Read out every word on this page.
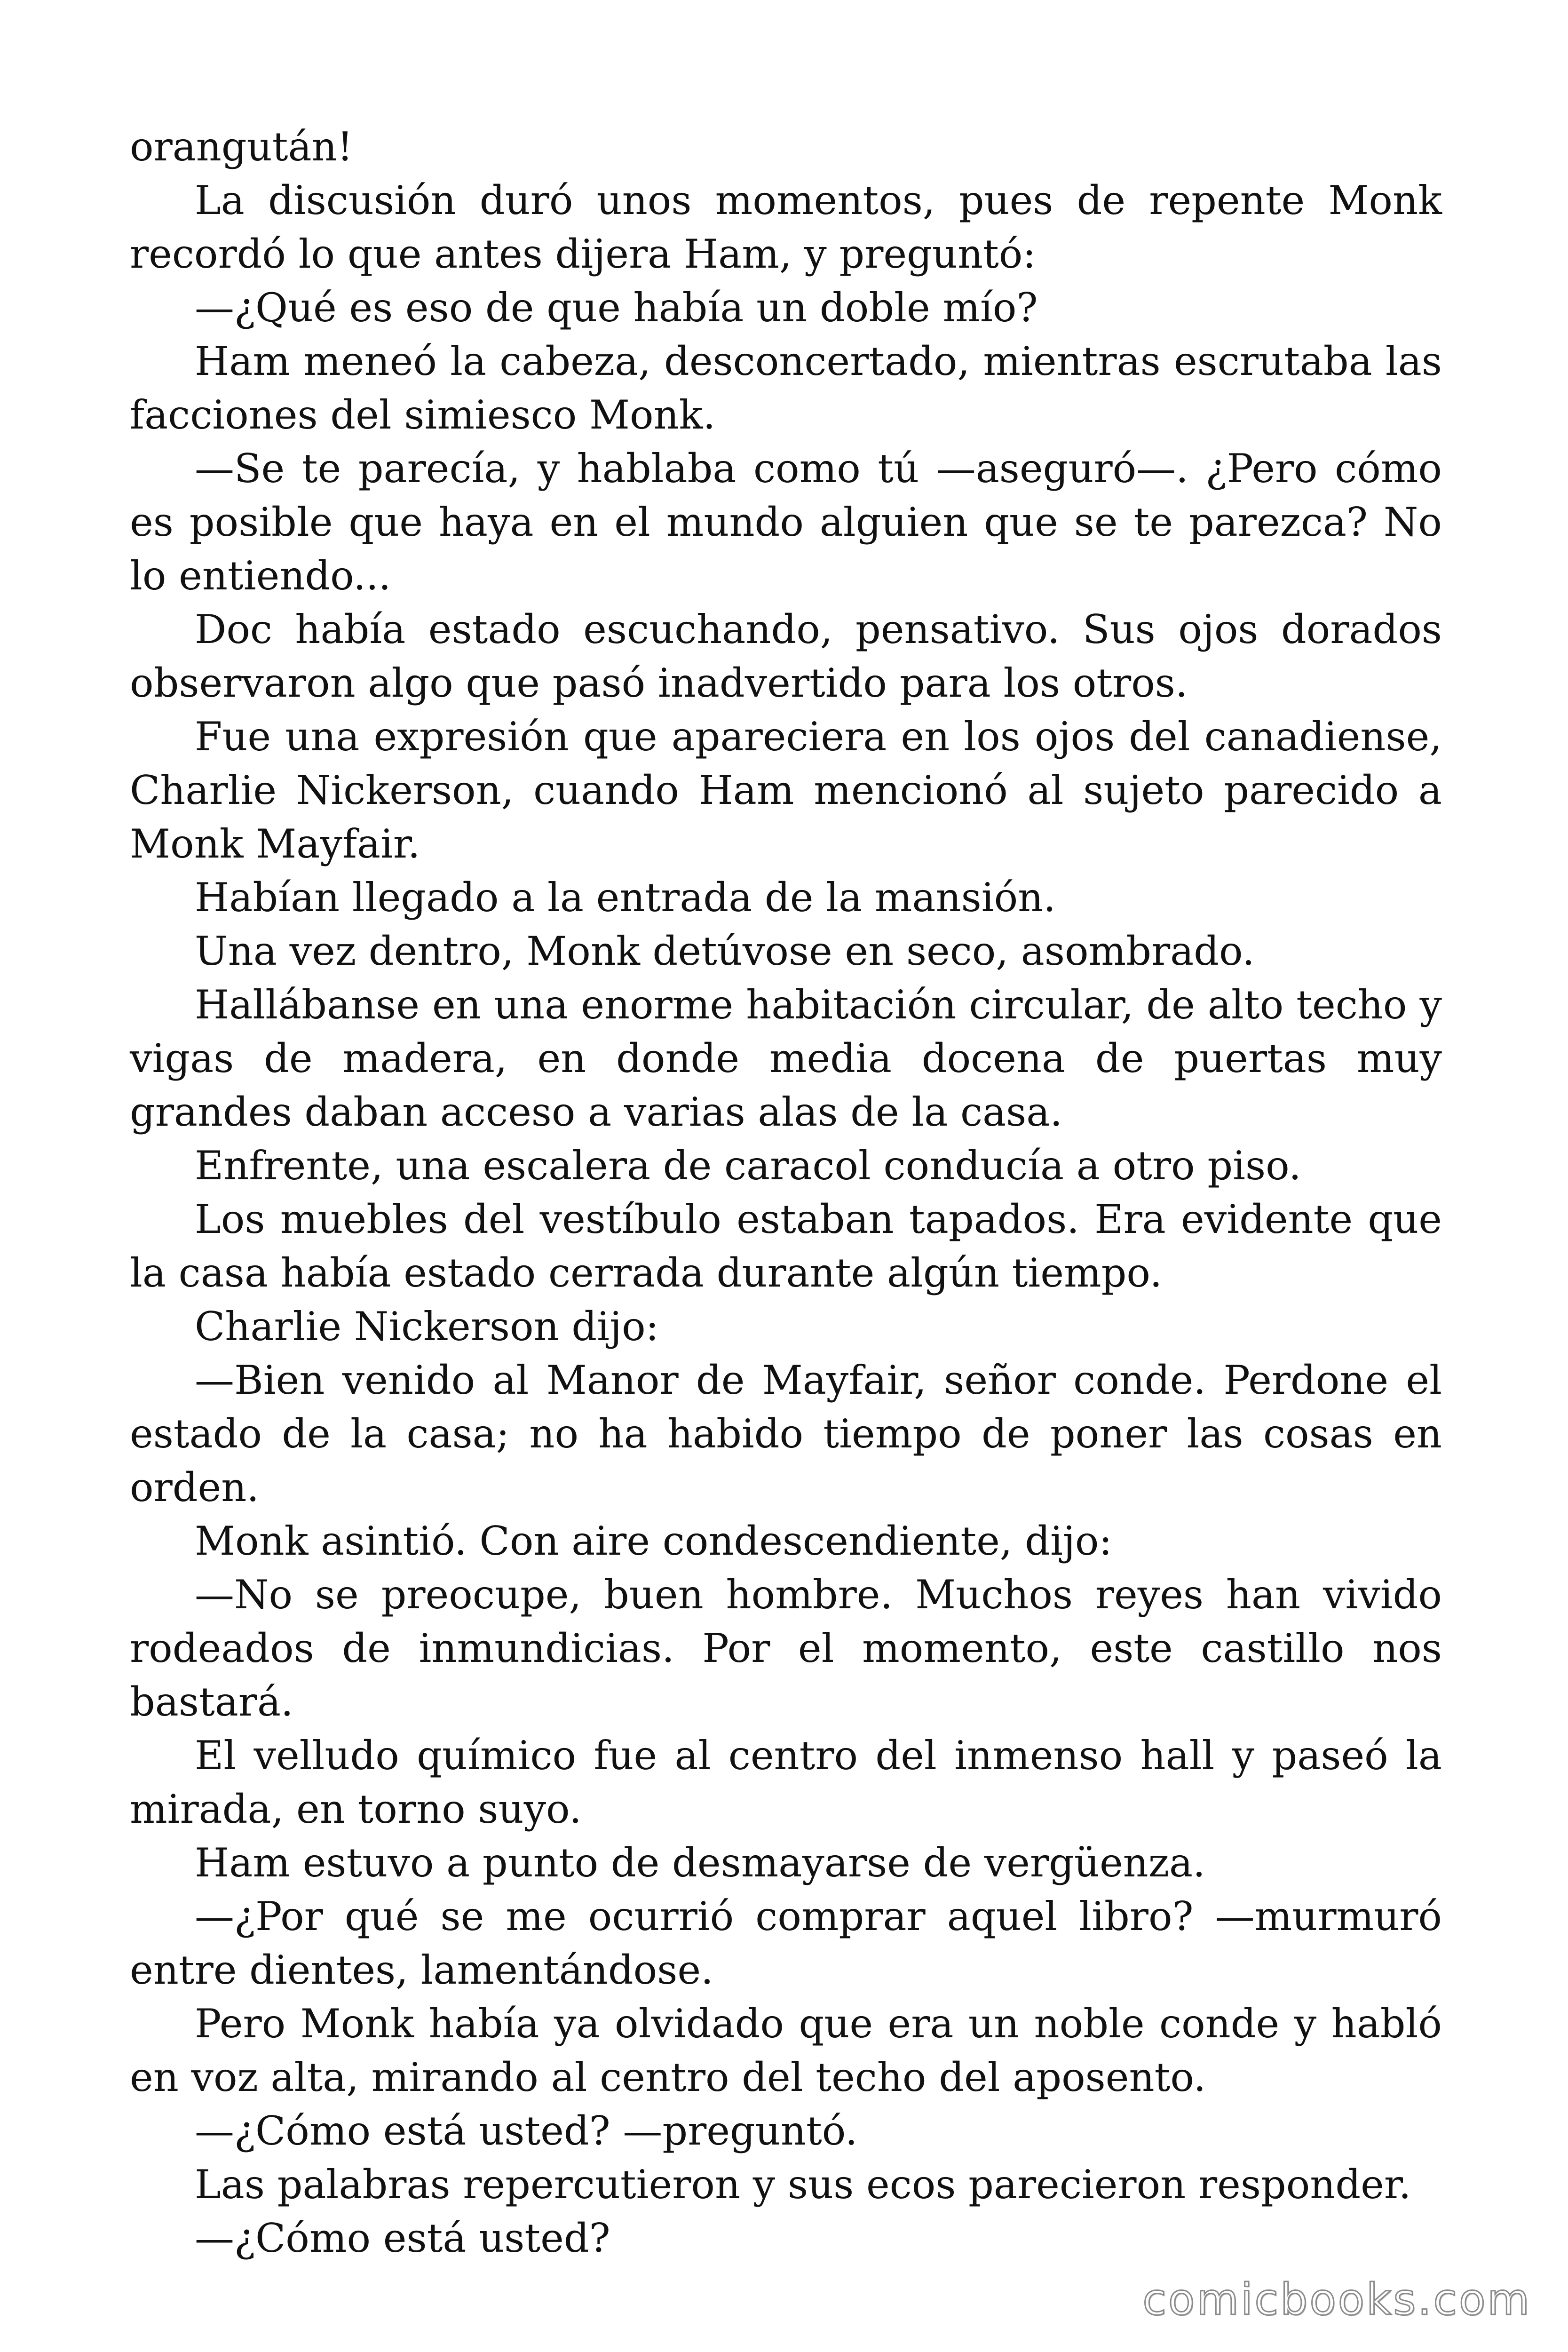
orangután!

La discusión duró unos momentos, pues de repente Monk recordó lo que antes dijera Ham, y preguntó:

—¿Qué es eso de que había un doble mío?

Ham meneó la cabeza, desconcertado, mientras escrutaba las facciones del simiesco Monk.

—Se te parecía, y hablaba como tú —aseguró—. ¿Pero cómo es posible que haya en el mundo alguien que se te parezca? No lo entiendo...

Doc había estado escuchando, pensativo. Sus ojos dorados observaron algo que pasó inadvertido para los otros.

Fue una expresión que apareciera en los ojos del canadiense, Charlie Nickerson, cuando Ham mencionó al sujeto parecido a Monk Mayfair.

Habían llegado a la entrada de la mansión.

Una vez dentro, Monk detúvose en seco, asombrado.

Hallábanse en una enorme habitación circular, de alto techo y vigas de madera, en donde media docena de puertas muy grandes daban acceso a varias alas de la casa.

Enfrente, una escalera de caracol conducía a otro piso.

Los muebles del vestíbulo estaban tapados. Era evidente que la casa había estado cerrada durante algún tiempo.

Charlie Nickerson dijo:

—Bien venido al Manor de Mayfair, señor conde. Perdone el estado de la casa; no ha habido tiempo de poner las cosas en orden.

Monk asintió. Con aire condescendiente, dijo:

—No se preocupe, buen hombre. Muchos reyes han vivido rodeados de inmundicias. Por el momento, este castillo nos bastará.

El velludo químico fue al centro del inmenso hall y paseó la mirada, en torno suyo.

Ham estuvo a punto de desmayarse de vergüenza.

—¿Por qué se me ocurrió comprar aquel libro? —murmuró entre dientes, lamentándose.

Pero Monk había ya olvidado que era un noble conde y habló en voz alta, mirando al centro del techo del aposento.

—¿Cómo está usted? —preguntó.

Las palabras repercutieron y sus ecos parecieron responder.

—¿Cómo está usted?

comicbooks.com
